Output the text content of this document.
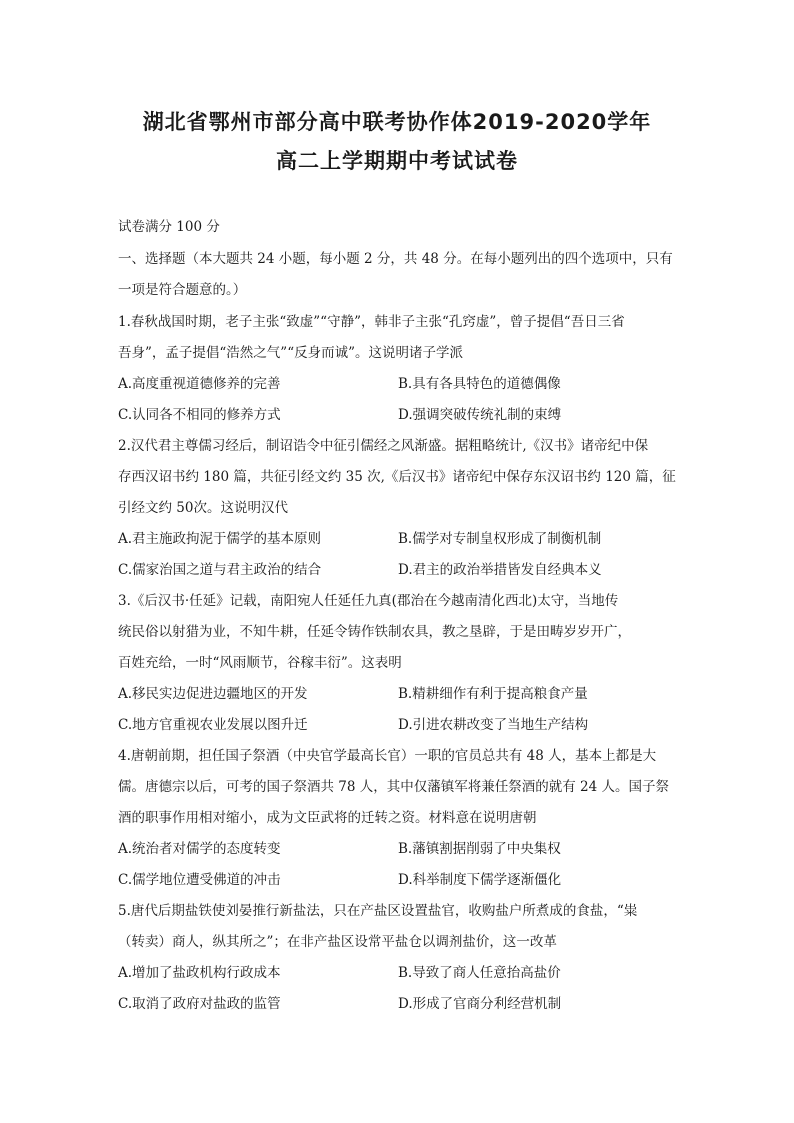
湖北省鄂州市部分高中联考协作体2019-2020学年
高二上学期期中考试试卷
试卷满分 100 分
一、选择题（本大题共 24 小题，每小题 2 分，共 48 分。在每小题列出的四个选项中，只有
一项是符合题意的。）
1.春秋战国时期，老子主张“致虚”“守静”，韩非子主张“孔窍虚”，曾子提倡“吾日三省
吾身”，孟子提倡“浩然之气”“反身而诚”。这说明诸子学派
A.高度重视道德修养的完善	B.具有各具特色的道德偶像
C.认同各不相同的修养方式	D.强调突破传统礼制的束缚
2.汉代君主尊儒习经后，制诏诰令中征引儒经之风渐盛。据粗略统计,《汉书》诸帝纪中保
存西汉诏书约 180 篇，共征引经文约 35 次,《后汉书》诸帝纪中保存东汉诏书约 120 篇，征
引经文约 50次。这说明汉代
A.君主施政拘泥于儒学的基本原则	B.儒学对专制皇权形成了制衡机制
C.儒家治国之道与君主政治的结合	D.君主的政治举措皆发自经典本义
3.《后汉书·任延》记载，南阳宛人任延任九真(郡治在今越南清化西北)太守，当地传
统民俗以射猎为业，不知牛耕，任延令铸作铁制农具，教之垦辟，于是田畴岁岁开广，
百姓充给，一时“风雨顺节，谷稼丰衍”。这表明
A.移民实边促进边疆地区的开发	B.精耕细作有利于提高粮食产量
C.地方官重视农业发展以图升迁	D.引进农耕改变了当地生产结构
4.唐朝前期，担任国子祭酒（中央官学最高长官）一职的官员总共有 48 人，基本上都是大
儒。唐德宗以后，可考的国子祭酒共 78 人，其中仅藩镇军将兼任祭酒的就有 24 人。国子祭
酒的职事作用相对缩小，成为文臣武将的迁转之资。材料意在说明唐朝
A.统治者对儒学的态度转变	B.藩镇割据削弱了中央集权
C.儒学地位遭受佛道的冲击	D.科举制度下儒学逐渐僵化
5.唐代后期盐铁使刘晏推行新盐法，只在产盐区设置盐官，收购盐户所煮成的食盐，“粜
（转卖）商人，纵其所之”；在非产盐区设常平盐仓以调剂盐价，这一改革
A.增加了盐政机构行政成本	B.导致了商人任意抬高盐价
C.取消了政府对盐政的监管	D.形成了官商分利经营机制
